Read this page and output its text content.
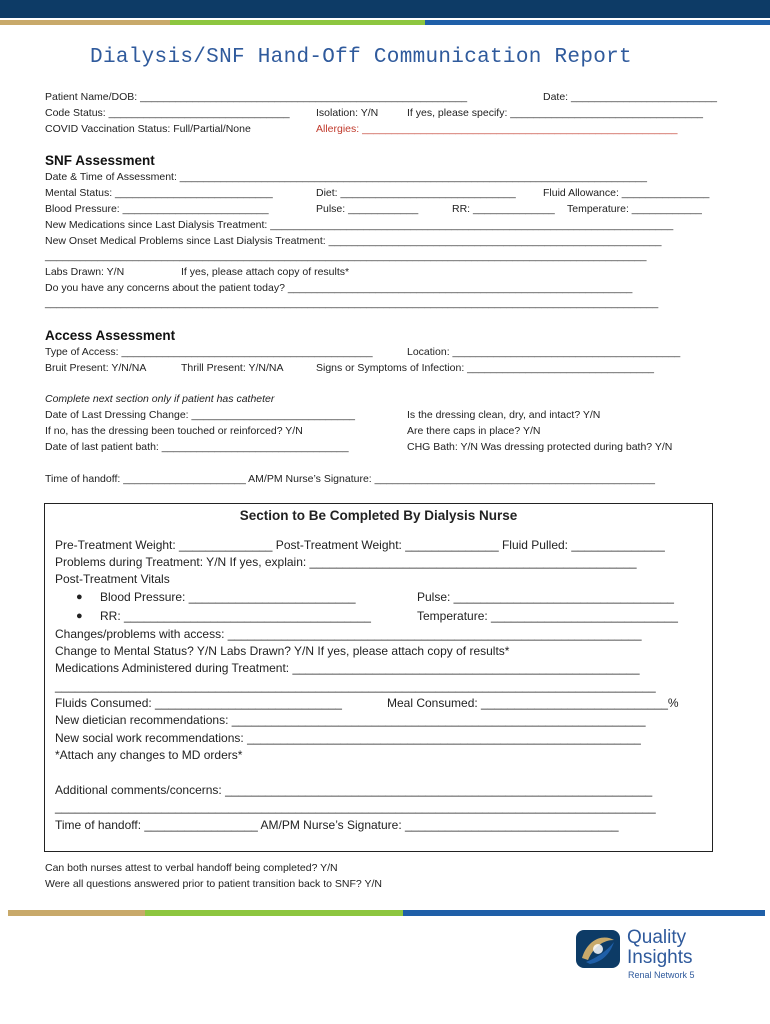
Dialysis/SNF Hand-Off Communication Report
Patient Name/DOB: ________________________________________________________	Date: _________________________
Code Status: _______________________________	Isolation: Y/N	If yes, please specify: _________________________________
COVID Vaccination Status: Full/Partial/None	Allergies: ______________________________________________________
SNF Assessment
Date & Time of Assessment: ________________________________________________________________________________
Mental Status: ___________________________	Diet: ______________________________	Fluid Allowance: _______________
Blood Pressure: _________________________	Pulse: ____________	RR: ______________ Temperature: ____________
New Medications since Last Dialysis Treatment: _____________________________________________________________________
New Onset Medical Problems since Last Dialysis Treatment: _________________________________________________________
_______________________________________________________________________________________________________
Labs Drawn: Y/N	If yes, please attach copy of results*
Do you have any concerns about the patient today? ___________________________________________________________
_________________________________________________________________________________________________________
Access Assessment
Type of Access: ___________________________________________	Location: _______________________________________
Bruit Present: Y/N/NA	Thrill Present: Y/N/NA	Signs or Symptoms of Infection: ________________________________
Complete next section only if patient has catheter
Date of Last Dressing Change: ____________________________	Is the dressing clean, dry, and intact? Y/N
If no, has the dressing been touched or reinforced? Y/N	Are there caps in place? Y/N
Date of last patient bath: ________________________________	CHG Bath: Y/N Was dressing protected during bath? Y/N
Time of handoff: _____________________ AM/PM Nurse’s Signature: ________________________________________________
Section to Be Completed By Dialysis Nurse
Pre-Treatment Weight: ______________ Post-Treatment Weight: ______________ Fluid Pulled: ______________
Problems during Treatment: Y/N If yes, explain: _________________________________________________
Post-Treatment Vitals
● Blood Pressure: _________________________	Pulse: _________________________________
● RR: _____________________________________	Temperature: ____________________________
Changes/problems with access: ______________________________________________________________
Change to Mental Status? Y/N Labs Drawn? Y/N If yes, please attach copy of results*
Medications Administered during Treatment: ____________________________________________________
__________________________________________________________________________________________
Fluids Consumed: ____________________________	Meal Consumed: ____________________________%
New dietician recommendations: ______________________________________________________________
New social work recommendations: ___________________________________________________________
*Attach any changes to MD orders*
Additional comments/concerns: ________________________________________________________________
__________________________________________________________________________________________
Time of handoff: _________________ AM/PM Nurse’s Signature: ________________________________
Can both nurses attest to verbal handoff being completed? Y/N
Were all questions answered prior to patient transition back to SNF? Y/N
Quality
Insights
Renal Network 5
